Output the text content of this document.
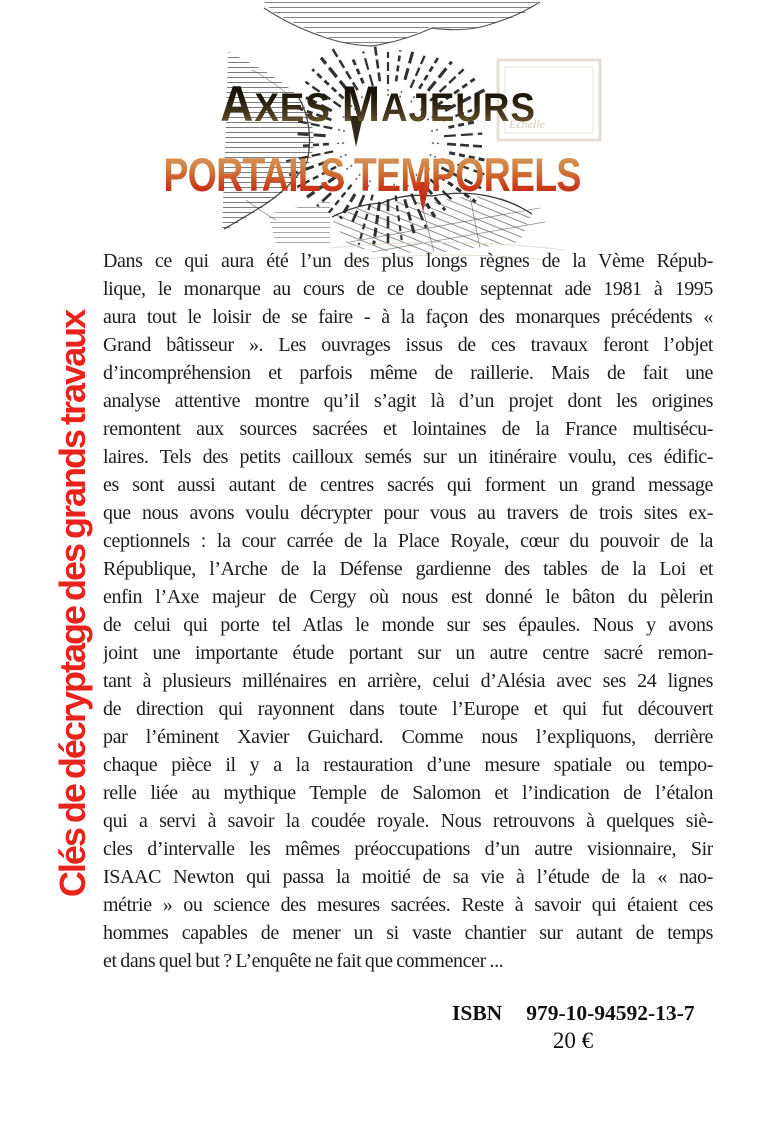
AXES MAJEURS
PORTAILS TEMPORELS
Clés de décryptage des grands travaux
Dans ce qui aura été l’un des plus longs règnes de la Vème Répub-
lique, le monarque au cours de ce double septennat ade 1981 à 1995
aura tout le loisir de se faire - à la façon des monarques précédents «
Grand bâtisseur ». Les ouvrages issus de ces travaux feront l’objet
d’incompréhension et parfois même de raillerie. Mais de fait une
analyse attentive montre qu’il s’agit là d’un projet dont les origines
remontent aux sources sacrées et lointaines de la France multisécu-
laires. Tels des petits cailloux semés sur un itinéraire voulu, ces édific-
es sont aussi autant de centres sacrés qui forment un grand message
que nous avons voulu décrypter pour vous au travers de trois sites ex-
ceptionnels : la cour carrée de la Place Royale, cœur du pouvoir de la
République, l’Arche de la Défense gardienne des tables de la Loi et
enfin l’Axe majeur de Cergy où nous est donné le bâton du pèlerin
de celui qui porte tel Atlas le monde sur ses épaules. Nous y avons
joint une importante étude portant sur un autre centre sacré remon-
tant à plusieurs millénaires en arrière, celui d’Alésia avec ses 24 lignes
de direction qui rayonnent dans toute l’Europe et qui fut découvert
par l’éminent Xavier Guichard. Comme nous l’expliquons, derrière
chaque pièce il y a la restauration d’une mesure spatiale ou tempo-
relle liée au mythique Temple de Salomon et l’indication de l’étalon
qui a servi à savoir la coudée royale. Nous retrouvons à quelques siè-
cles d’intervalle les mêmes préoccupations d’un autre visionnaire, Sir
ISAAC Newton qui passa la moitié de sa vie à l’étude de la « nao-
métrie » ou science des mesures sacrées. Reste à savoir qui étaient ces
hommes capables de mener un si vaste chantier sur autant de temps
et dans quel but ? L’enquête ne fait que commencer ...
ISBN 979-10-94592-13-7
20 €
